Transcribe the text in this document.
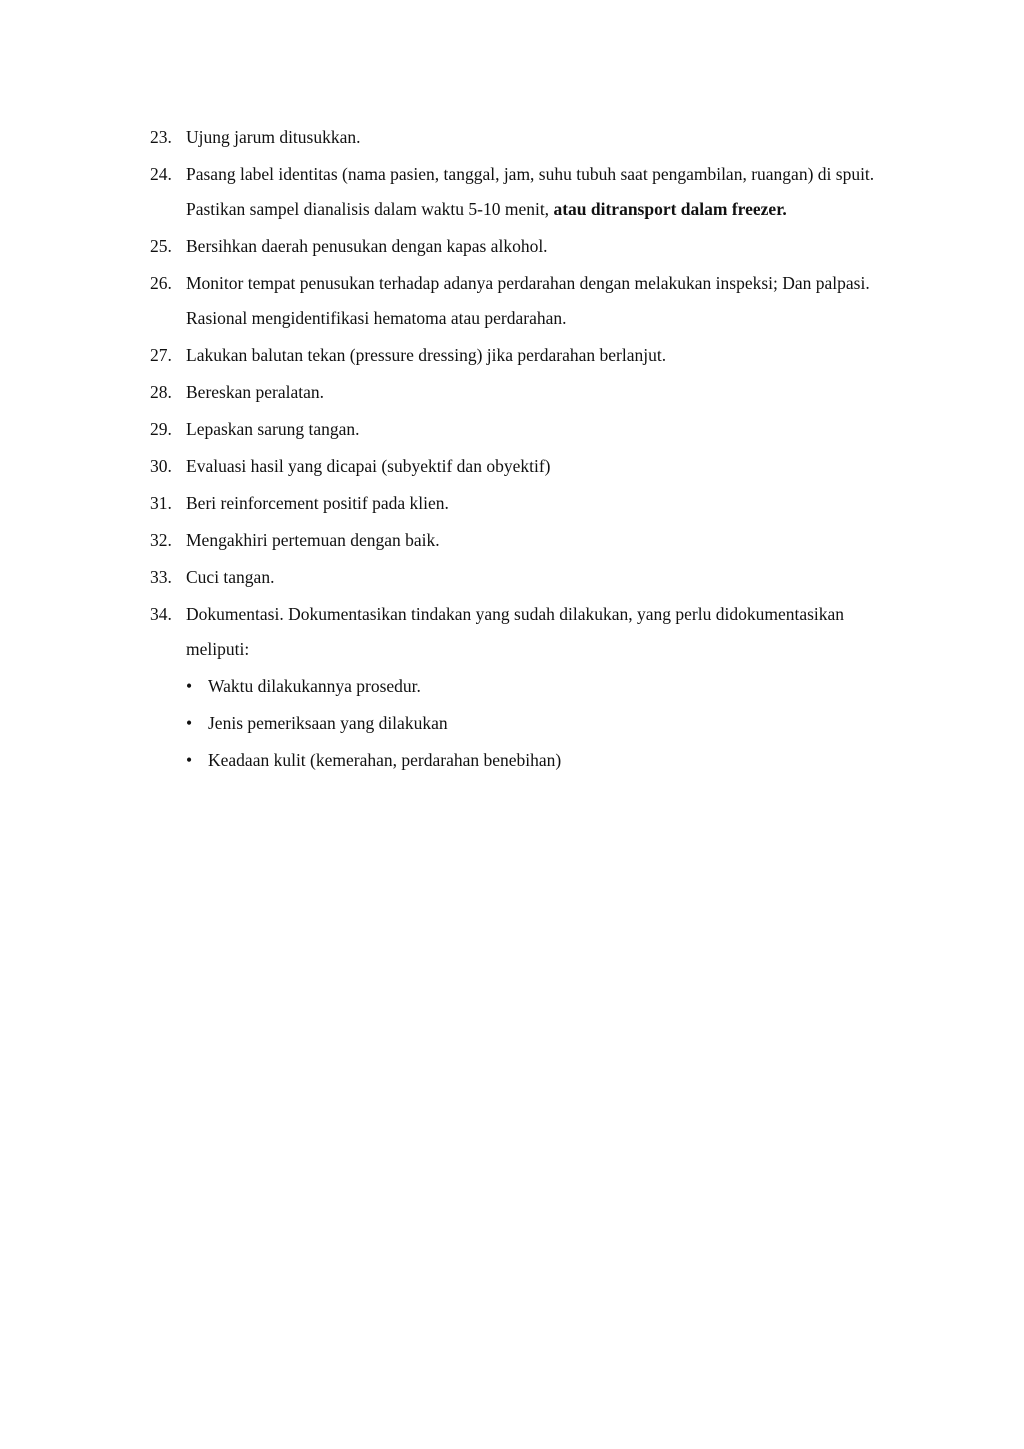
23. Ujung jarum ditusukkan.
24. Pasang label identitas (nama pasien, tanggal, jam, suhu tubuh saat pengambilan, ruangan) di spuit. Pastikan sampel dianalisis dalam waktu 5-10 menit, atau ditransport dalam freezer.
25. Bersihkan daerah penusukan dengan kapas alkohol.
26. Monitor tempat penusukan terhadap adanya perdarahan dengan melakukan inspeksi; Dan palpasi. Rasional mengidentifikasi hematoma atau perdarahan.
27. Lakukan balutan tekan (pressure dressing) jika perdarahan berlanjut.
28. Bereskan peralatan.
29. Lepaskan sarung tangan.
30. Evaluasi hasil yang dicapai (subyektif dan obyektif)
31. Beri reinforcement positif pada klien.
32. Mengakhiri pertemuan dengan baik.
33. Cuci tangan.
34. Dokumentasi. Dokumentasikan tindakan yang sudah dilakukan, yang perlu didokumentasikan meliputi:
• Waktu dilakukannya prosedur.
• Jenis pemeriksaan yang dilakukan
• Keadaan kulit (kemerahan, perdarahan benebihan)
